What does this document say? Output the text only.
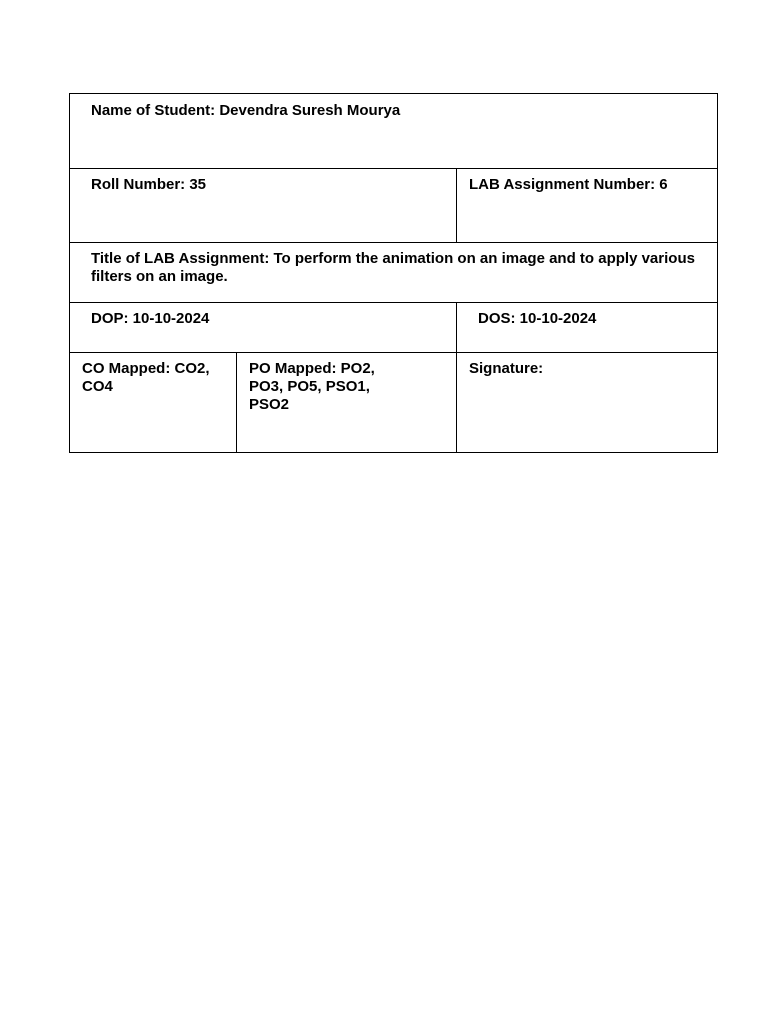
Name of Student: Devendra Suresh Mourya
Roll Number: 35	LAB Assignment Number: 6
Title of LAB Assignment: To perform the animation on an image and to apply various
filters on an image.
DOP: 10-10-2024	DOS: 10-10-2024
CO Mapped: CO2,
CO4
PO Mapped: PO2,
PO3, PO5, PSO1,
PSO2
Signature:
